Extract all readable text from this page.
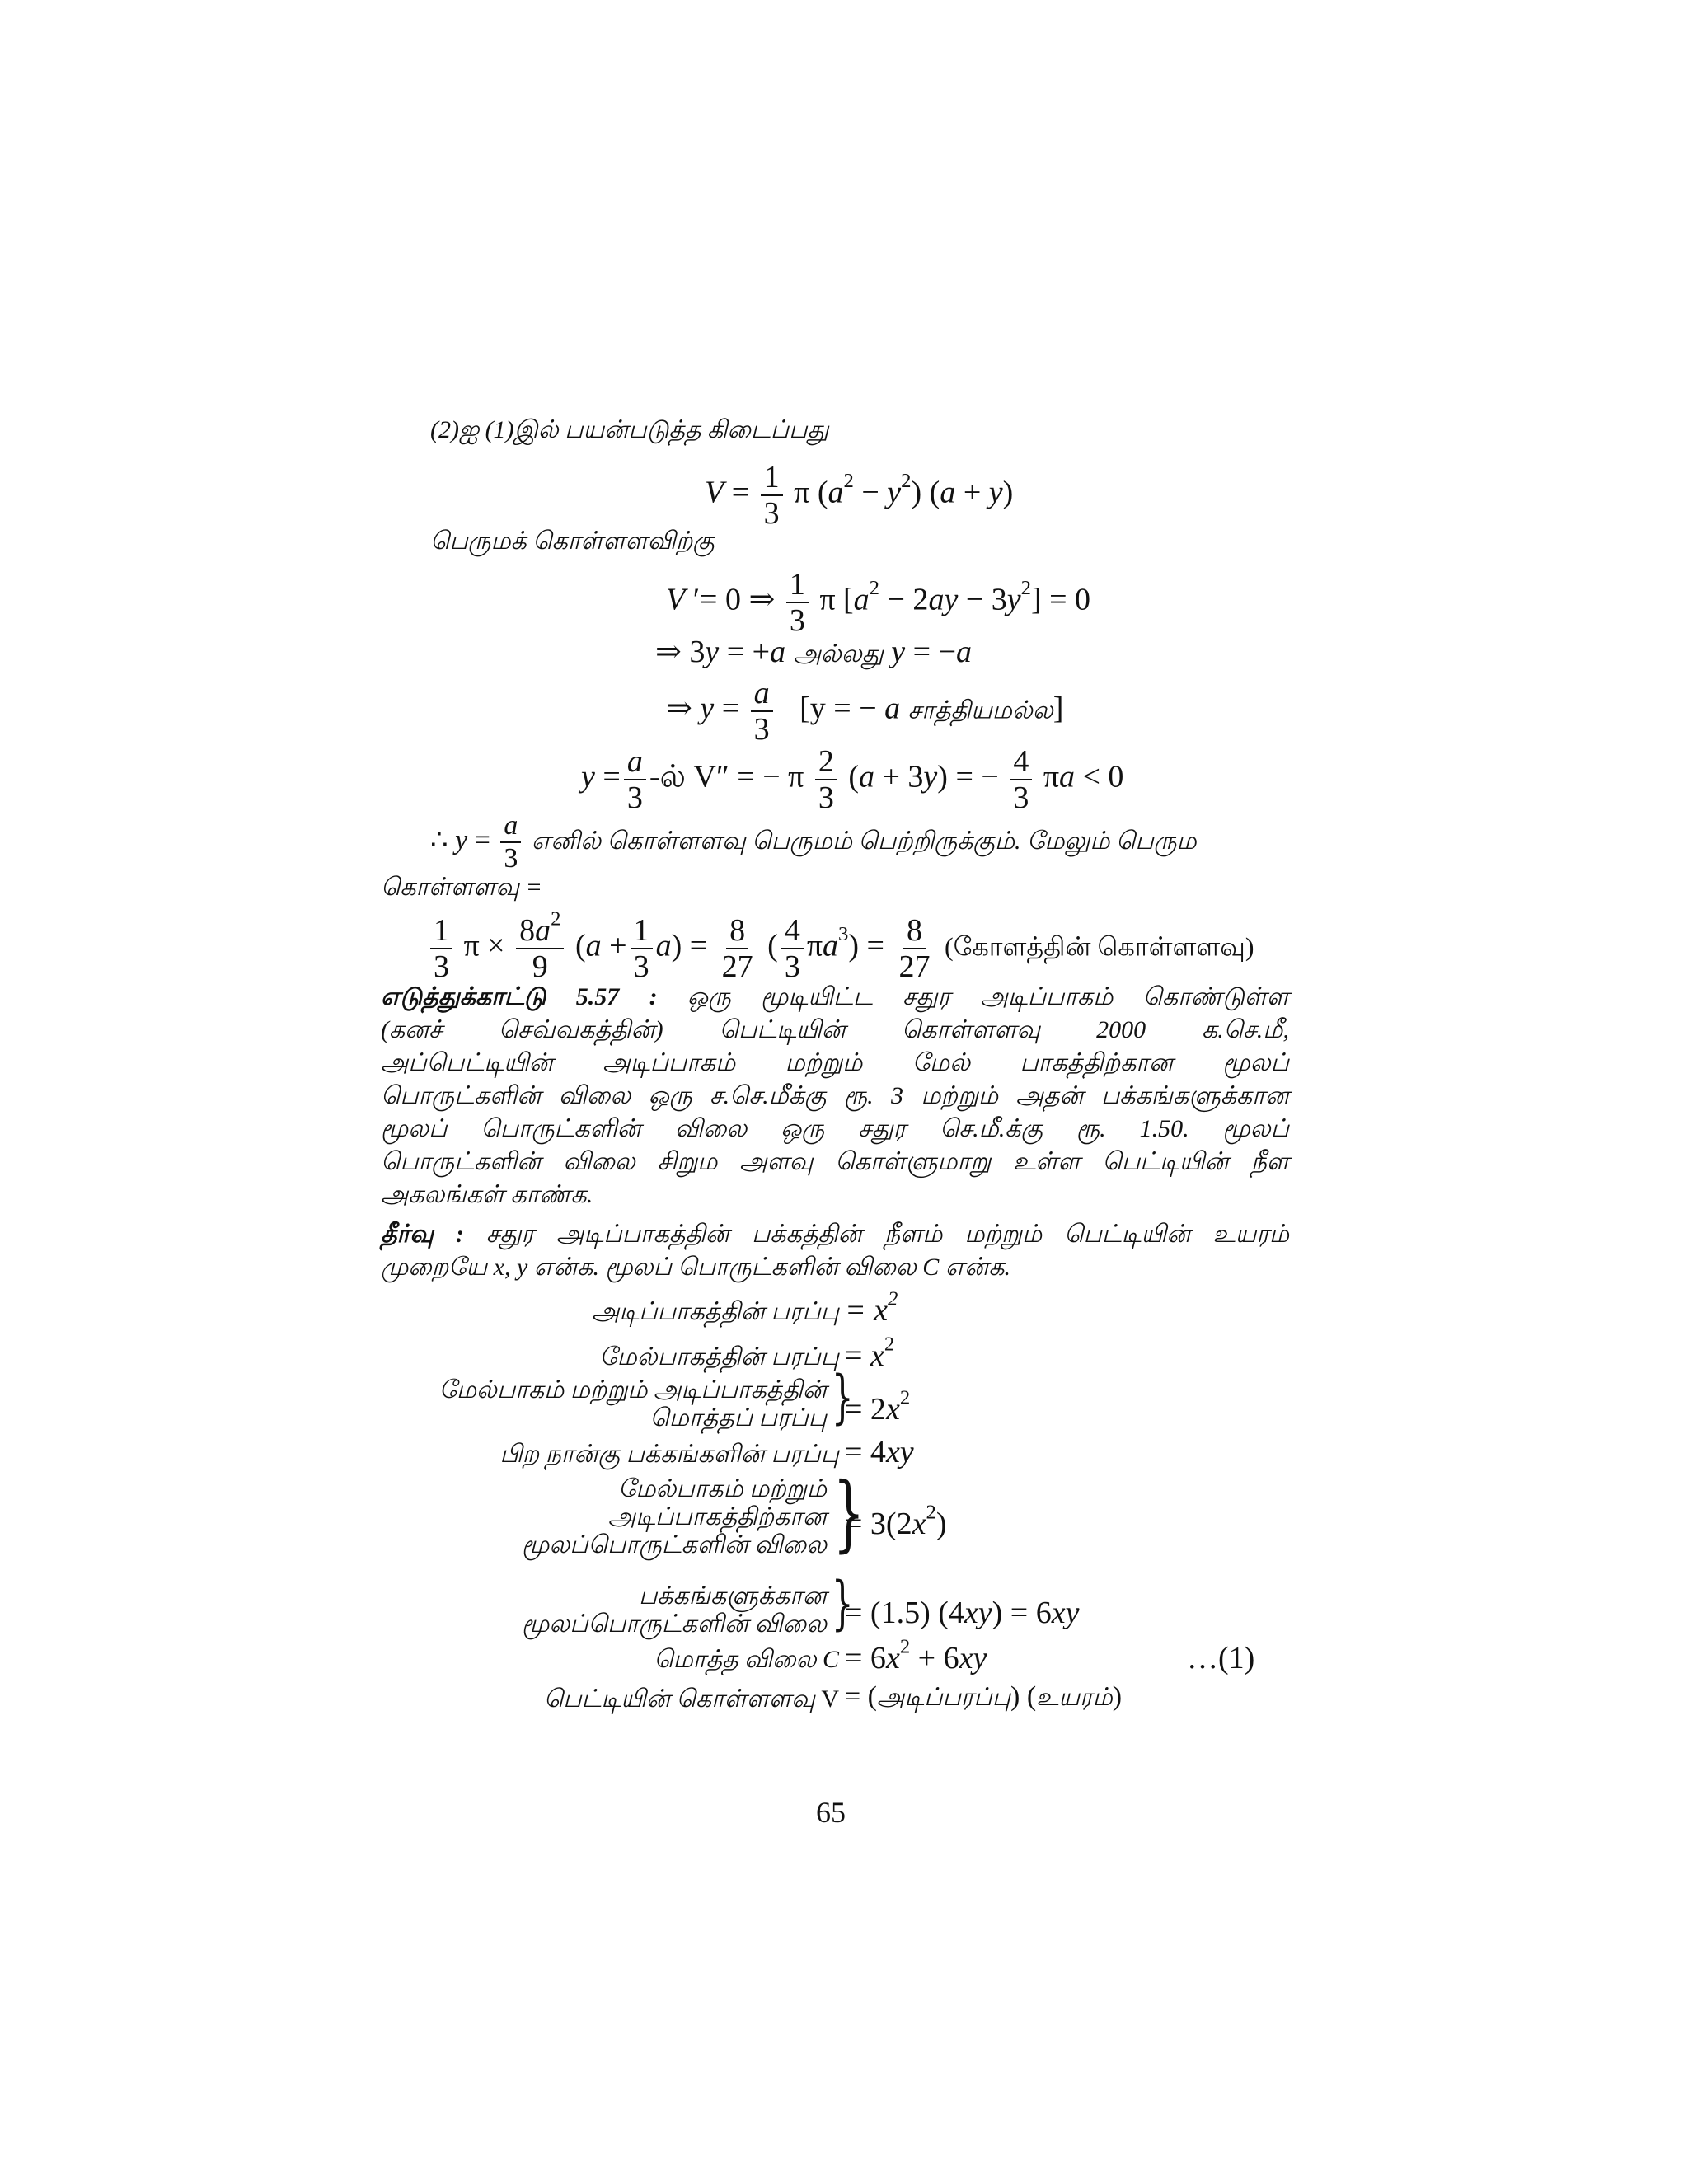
(2)ஐ (1)இல் பயன்படுத்த கிடைப்பது
$V = \frac{1}{3}$ π $(a^2 - y^2) (a + y)$
பெருமக் கொள்ளளவிற்கு
V ′= 0 ⇒ $\frac{1}{3}$ π $[a^2 - 2ay - 3y^2] = 0$
⇒ 3y = +a அல்லது y = −a
⇒ $y = \frac{a}{3} [y$ = − a சாத்தியமல்ல]
$y = \frac{a}{3}$ -ல் V″ = − π $\frac{2}{3} (a + 3y)$ = − $\frac{4}{3}$ πa < 0
∴ $y = \frac{a}{3}$ எனில் கொள்ளளவு பெருமம் பெற்றிருக்கும். மேலும் பெரும
கொள்ளளவு =
$\frac{1}{3}$ $\pi \times \frac{8a^2}{9} (a + \frac{1}{3} a) = \frac{8}{27}$ ( $\frac{4}{3} \pi a^3) = \frac{8}{27}$ (கோளத்தின் கொள்ளளவு)
எடுத்துக்காட்டு 5.57 : ஒரு மூடியிட்ட சதுர அடிப்பாகம் கொண்டுள்ள
(கனச் செவ்வகத்தின்) பெட்டியின் கொள்ளளவு 2000 க.செ.மீ,
அப்பெட்டியின் அடிப்பாகம் மற்றும் மேல் பாகத்திற்கான மூலப்
பொருட்களின் விலை ஒரு ச.செ.மீக்கு ரூ. 3 மற்றும் அதன் பக்கங்களுக்கான
மூலப் பொருட்களின் விலை ஒரு சதுர செ.மீ.க்கு ரூ. 1.50. மூலப்
பொருட்களின் விலை சிறும அளவு கொள்ளுமாறு உள்ள பெட்டியின் நீள
அகலங்கள் காண்க.
தீர்வு : சதுர அடிப்பாகத்தின் பக்கத்தின் நீளம் மற்றும் பெட்டியின் உயரம்
முறையே x, y என்க. மூலப் பொருட்களின் விலை C என்க.
அடிப்பாகத்தின் பரப்பு = $x^2$
மேல்பாகத்தின் பரப்பு = $x^2$
மேல்பாகம் மற்றும் அடிப்பாகத்தின்
மொத்தப் பரப்பு }
= $2x^2$
பிற நான்கு பக்கங்களின் பரப்பு = 4xy
மேல்பாகம் மற்றும்
அடிப்பாகத்திற்கான
மூலப்பொருட்களின் விலை }
= $3(2x^2)$
பக்கங்களுக்கான
மூலப்பொருட்களின் விலை }
= (1.5) (4xy) = 6xy
மொத்த விலை $C = 6x^2 + 6xy$	…(1)
பெட்டியின் கொள்ளளவு V = (அடிப்பரப்பு) (உயரம்)
65
